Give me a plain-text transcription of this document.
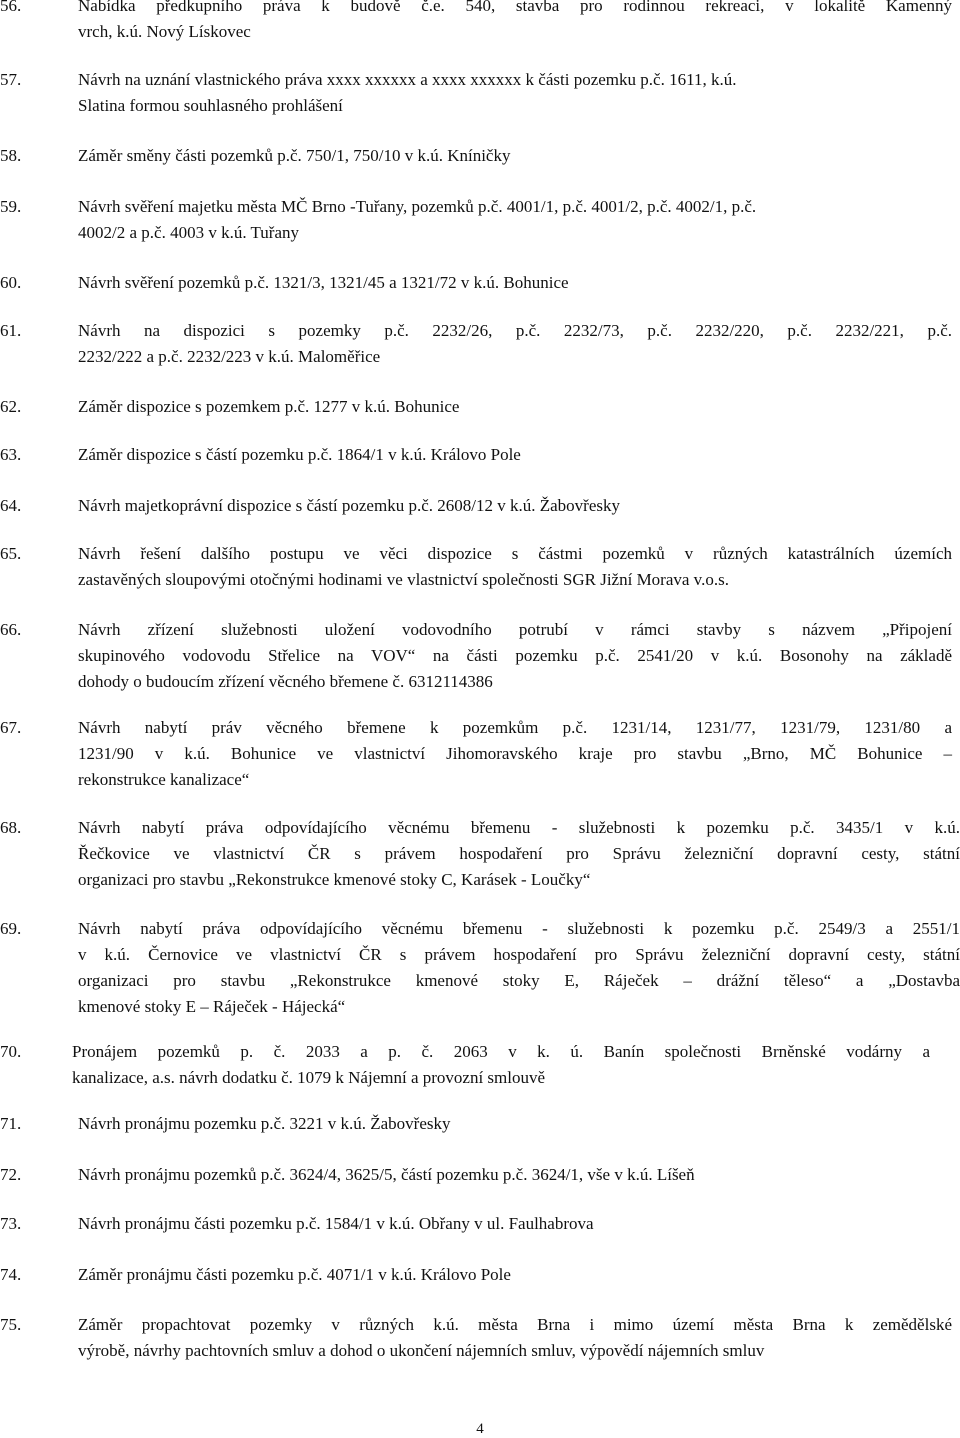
56.	Nabídka předkupního práva k budově č.e. 540, stavba pro rodinnou rekreaci, v lokalitě Kamenný
vrch, k.ú. Nový Lískovec
57.	Návrh na uznání vlastnického práva xxxx xxxxxx a xxxx xxxxxx k části pozemku p.č. 1611, k.ú.
Slatina formou souhlasného prohlášení
58.	Záměr směny části pozemků p.č. 750/1, 750/10 v k.ú. Kníničky
59.	Návrh svěření majetku města MČ Brno -Tuřany, pozemků p.č. 4001/1, p.č. 4001/2, p.č. 4002/1, p.č.
4002/2 a p.č. 4003 v k.ú. Tuřany
60.	Návrh svěření pozemků p.č. 1321/3, 1321/45 a 1321/72 v k.ú. Bohunice
61.	Návrh na dispozici s pozemky p.č. 2232/26, p.č. 2232/73, p.č. 2232/220, p.č. 2232/221, p.č.
2232/222 a p.č. 2232/223 v k.ú. Maloměřice
62.	Záměr dispozice s pozemkem p.č. 1277 v k.ú. Bohunice
63.	Záměr dispozice s částí pozemku p.č. 1864/1 v k.ú. Královo Pole
64.	Návrh majetkoprávní dispozice s částí pozemku p.č. 2608/12 v k.ú. Žabovřesky
65.	Návrh řešení dalšího postupu ve věci dispozice s částmi pozemků v různých katastrálních územích
zastavěných sloupovými otočnými hodinami ve vlastnictví společnosti SGR Jižní Morava v.o.s.
66.	Návrh zřízení služebnosti uložení vodovodního potrubí v rámci stavby s názvem „Připojení
skupinového vodovodu Střelice na VOV“ na části pozemku p.č. 2541/20 v k.ú. Bosonohy na základě
dohody o budoucím zřízení věcného břemene č. 6312114386
67.	Návrh nabytí práv věcného břemene k pozemkům p.č. 1231/14, 1231/77, 1231/79, 1231/80 a
1231/90 v k.ú. Bohunice ve vlastnictví Jihomoravského kraje pro stavbu „Brno, MČ Bohunice –
rekonstrukce kanalizace“
68.	Návrh nabytí práva odpovídajícího věcnému břemenu - služebnosti k pozemku p.č. 3435/1 v k.ú.
Řečkovice ve vlastnictví ČR s právem hospodaření pro Správu železniční dopravní cesty, státní
organizaci pro stavbu „Rekonstrukce kmenové stoky C, Karásek - Loučky“
69.	Návrh nabytí práva odpovídajícího věcnému břemenu - služebnosti k pozemku p.č. 2549/3 a 2551/1
v k.ú. Černovice ve vlastnictví ČR s právem hospodaření pro Správu železniční dopravní cesty, státní
organizaci pro stavbu „Rekonstrukce kmenové stoky E, Ráječek – drážní těleso“ a „Dostavba
kmenové stoky E – Ráječek - Hájecká“
70.	Pronájem pozemků p. č. 2033 a p. č. 2063 v k. ú. Banín společnosti Brněnské vodárny a
kanalizace, a.s. návrh dodatku č. 1079 k Nájemní a provozní smlouvě
71.	Návrh pronájmu pozemku p.č. 3221 v k.ú. Žabovřesky
72.	Návrh pronájmu pozemků p.č. 3624/4, 3625/5, částí pozemku p.č. 3624/1, vše v k.ú. Líšeň
73.	Návrh pronájmu části pozemku p.č. 1584/1 v k.ú. Obřany v ul. Faulhabrova
74.	Záměr pronájmu části pozemku p.č. 4071/1 v k.ú. Královo Pole
75.	Záměr propachtovat pozemky v různých k.ú. města Brna i mimo území města Brna k zemědělské
výrobě, návrhy pachtovních smluv a dohod o ukončení nájemních smluv, výpovědí nájemních smluv
4
